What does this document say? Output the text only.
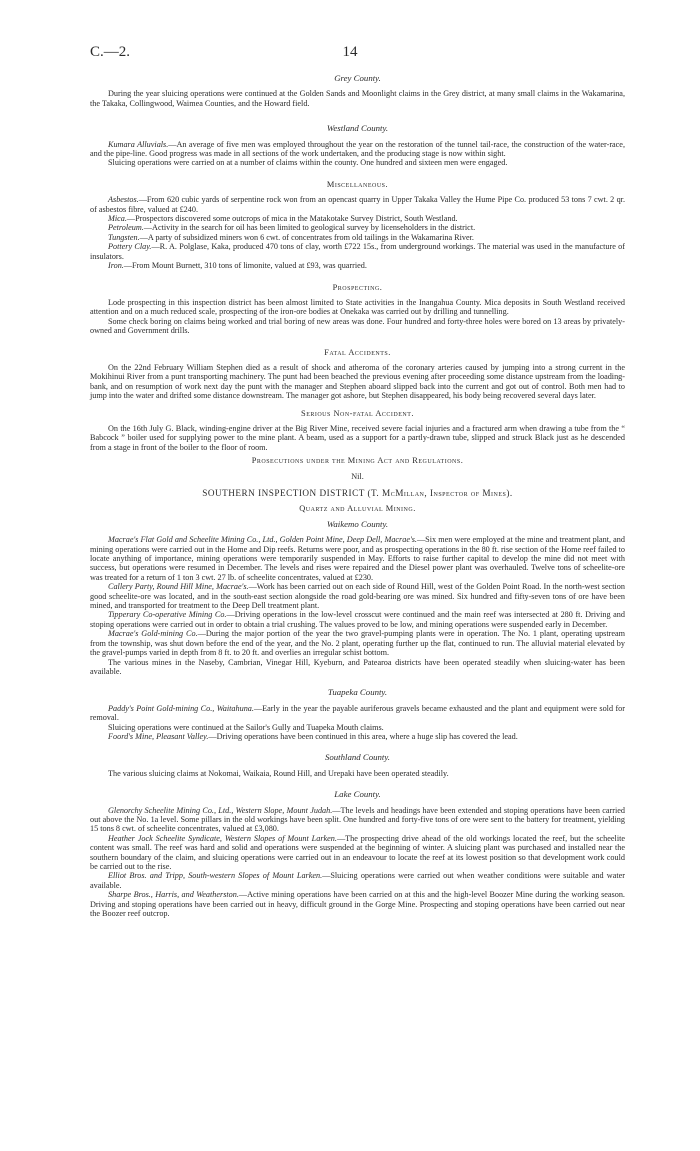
C.—2.	14
Grey County.

During the year sluicing operations were continued at the Golden Sands and Moonlight claims in the Grey district, at many small claims in the Wakamarina, the Takaka, Collingwood, Waimea Counties, and the Howard field.

Westland County.

Kumara Alluvials.—An average of five men was employed throughout the year on the restoration of the tunnel tail-race, the construction of the water-race, and the pipe-line. Good progress was made in all sections of the work undertaken, and the producing stage is now within sight.

Sluicing operations were carried on at a number of claims within the county. One hundred and sixteen men were engaged.

Miscellaneous.

Asbestos.—From 620 cubic yards of serpentine rock won from an opencast quarry in Upper Takaka Valley the Hume Pipe Co. produced 53 tons 7 cwt. 2 qr. of asbestos fibre, valued at £240.

Mica.—Prospectors discovered some outcrops of mica in the Matakotake Survey District, South Westland.

Petroleum.—Activity in the search for oil has been limited to geological survey by licenseholders in the district.

Tungsten.—A party of subsidized miners won 6 cwt. of concentrates from old tailings in the Wakamarina River.

Pottery Clay.—R. A. Polglase, Kaka, produced 470 tons of clay, worth £722 15s., from underground workings. The material was used in the manufacture of insulators.

Iron.—From Mount Burnett, 310 tons of limonite, valued at £93, was quarried.

Prospecting.

Lode prospecting in this inspection district has been almost limited to State activities in the Inangahua County. Mica deposits in South Westland received attention and on a much reduced scale, prospecting of the iron-ore bodies at Onekaka was carried out by drilling and tunnelling.

Some check boring on claims being worked and trial boring of new areas was done. Four hundred and forty-three holes were bored on 13 areas by privately-owned and Government drills.

Fatal Accidents.

On the 22nd February William Stephen died as a result of shock and atheroma of the coronary arteries caused by jumping into a strong current in the Mokihinui River from a punt transporting machinery. The punt had been beached the previous evening after proceeding some distance upstream from the loading-bank, and on resumption of work next day the punt with the manager and Stephen aboard slipped back into the current and got out of control. Both men had to jump into the water and drifted some distance downstream. The manager got ashore, but Stephen disappeared, his body being recovered several days later.

Serious Non-fatal Accident.

On the 16th July G. Black, winding-engine driver at the Big River Mine, received severe facial injuries and a fractured arm when drawing a tube from the “ Babcock ” boiler used for supplying power to the mine plant. A beam, used as a support for a partly-drawn tube, slipped and struck Black just as he descended from a stage in front of the boiler to the floor of room.

Prosecutions under the Mining Act and Regulations.
Nil.
SOUTHERN INSPECTION DISTRICT (T. McMillan, Inspector of Mines).
Quartz and Alluvial Mining.
Waikemo County.

Macrae's Flat Gold and Scheelite Mining Co., Ltd., Golden Point Mine, Deep Dell, Macrae's.—Six men were employed at the mine and treatment plant, and mining operations were carried out in the Home and Dip reefs. Returns were poor, and as prospecting operations in the 80 ft. rise section of the Home reef failed to locate anything of importance, mining operations were temporarily suspended in May. Efforts to raise further capital to develop the mine did not meet with success, but operations were resumed in December. The levels and rises were repaired and the Diesel power plant was overhauled. Twelve tons of scheelite-ore was treated for a return of 1 ton 3 cwt. 27 lb. of scheelite concentrates, valued at £230.

Callery Party, Round Hill Mine, Macrae's.—Work has been carried out on each side of Round Hill, west of the Golden Point Road. In the north-west section good scheelite-ore was located, and in the south-east section alongside the road gold-bearing ore was mined. Six hundred and fifty-seven tons of ore have been mined, and transported for treatment to the Deep Dell treatment plant.

Tipperary Co-operative Mining Co.—Driving operations in the low-level crosscut were continued and the main reef was intersected at 280 ft. Driving and stoping operations were carried out in order to obtain a trial crushing. The values proved to be low, and mining operations were suspended early in December.

Macrae's Gold-mining Co.—During the major portion of the year the two gravel-pumping plants were in operation. The No. 1 plant, operating upstream from the township, was shut down before the end of the year, and the No. 2 plant, operating further up the flat, continued to run. The alluvial material elevated by the gravel-pumps varied in depth from 8 ft. to 20 ft. and overlies an irregular schist bottom.

The various mines in the Naseby, Cambrian, Vinegar Hill, Kyeburn, and Patearoa districts have been operated steadily when sluicing-water has been available.

Tuapeka County.

Paddy's Point Gold-mining Co., Waitahuna.—Early in the year the payable auriferous gravels became exhausted and the plant and equipment were sold for removal.

Sluicing operations were continued at the Sailor's Gully and Tuapeka Mouth claims.

Foord's Mine, Pleasant Valley.—Driving operations have been continued in this area, where a huge slip has covered the lead.

Southland County.

The various sluicing claims at Nokomai, Waikaia, Round Hill, and Urepaki have been operated steadily.

Lake County.

Glenorchy Scheelite Mining Co., Ltd., Western Slope, Mount Judah.—The levels and headings have been extended and stoping operations have been carried out above the No. 1a level. Some pillars in the old workings have been split. One hundred and forty-five tons of ore were sent to the battery for treatment, yielding 15 tons 8 cwt. of scheelite concentrates, valued at £3,080.

Heather Jock Scheelite Syndicate, Western Slopes of Mount Larken.—The prospecting drive ahead of the old workings located the reef, but the scheelite content was small. The reef was hard and solid and operations were suspended at the beginning of winter. A sluicing plant was purchased and installed near the southern boundary of the claim, and sluicing operations were carried out in an endeavour to locate the reef at its lowest position so that development work could be carried out to the rise.

Elliot Bros. and Tripp, South-western Slopes of Mount Larken.—Sluicing operations were carried out when weather conditions were suitable and water available.

Sharpe Bros., Harris, and Weatherston.—Active mining operations have been carried on at this and the high-level Boozer Mine during the working season. Driving and stoping operations have been carried out in heavy, difficult ground in the Gorge Mine. Prospecting and stoping operations have been carried out near the Boozer reef outcrop.
